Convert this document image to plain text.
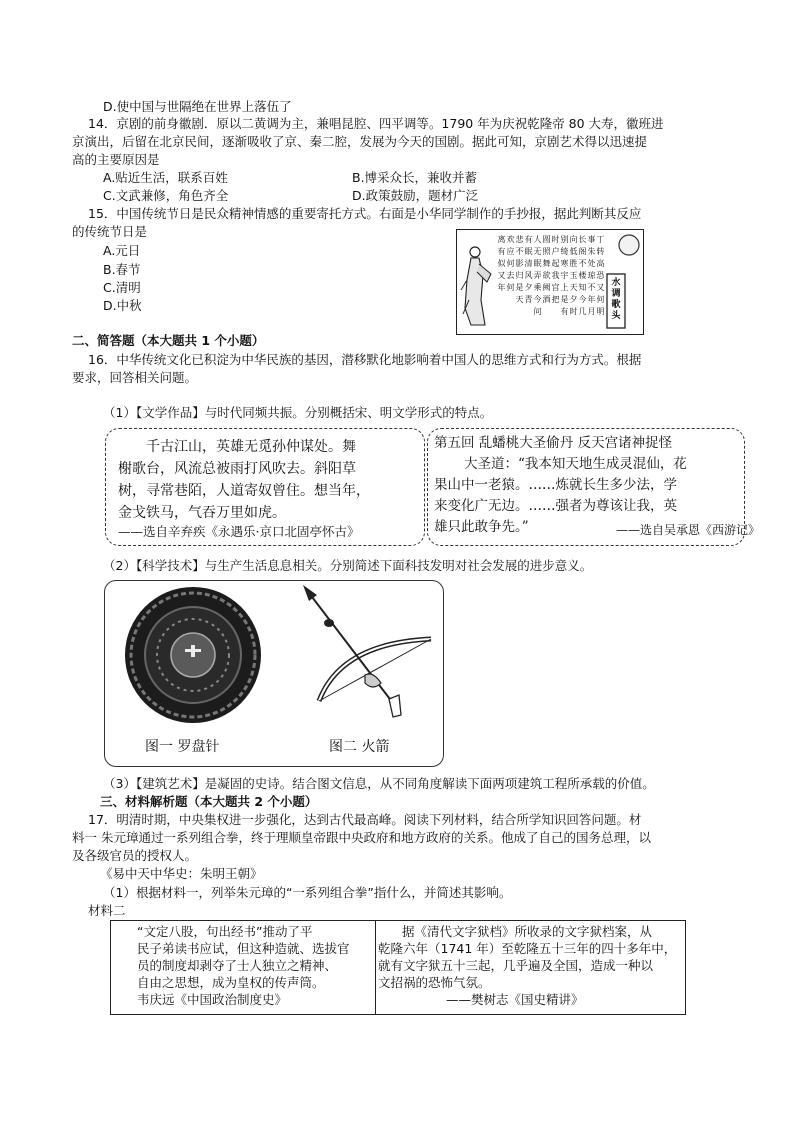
D.使中国与世隔绝在世界上落伍了
14．京剧的前身徽剧．原以二黄调为主，兼唱昆腔、四平调等。1790 年为庆祝乾隆帝 80 大寿，徽班进
京演出，后留在北京民间，逐渐吸收了京、秦二腔，发展为今天的国剧。据此可知，京剧艺术得以迅速提
高的主要原因是
A.贴近生活，联系百姓	B.博采众长，兼收并蓄
C.文武兼修，角色齐全	D.政策鼓励，题材广泛
15．中国传统节日是民众精神情感的重要寄托方式。右面是小华同学制作的手抄报，据此判断其反应
的传统节日是
A.元日
B.春节
C.清明
D.中秋
丁转高恐又何明
事朱处琼不年月
长阁不楼知今几
向低胜玉天夕时
别绮寒宇上是有
时户起我宫把
圆照舞欲阙酒
人无眠弄乘今问
有眠清风夕青
悲不影归是天
欢应何去何
离有似又年	水调歌头
二、简答题（本大题共 1 个小题）
16．中华传统文化已积淀为中华民族的基因，潜移默化地影响着中国人的思维方式和行为方式。根据
要求，回答相关问题。
（1）【文学作品】与时代同频共振。分别概括宋、明文学形式的特点。
千古江山，英雄无觅孙仲谋处。舞
榭歌台，风流总被雨打风吹去。斜阳草
树，寻常巷陌，人道寄奴曾住。想当年，
金戈铁马，气吞万里如虎。
——选自辛弃疾《永遇乐·京口北固亭怀古》
第五回 乱蟠桃大圣偷丹 反天宫诸神捉怪
大圣道：“我本知天地生成灵混仙，花
果山中一老猿。……炼就长生多少法，学
来变化广无边。……强者为尊该让我，英
雄只此敢争先。”	——选自吴承恩《西游记》
（2）【科学技术】与生产生活息息相关。分别简述下面科技发明对社会发展的进步意义。
图一 罗盘针	图二 火箭
（3）【建筑艺术】是凝固的史诗。结合图文信息，从不同角度解读下面两项建筑工程所承载的价值。
三、材料解析题（本大题共 2 个小题）
17．明清时期，中央集权进一步强化，达到古代最高峰。阅读下列材料，结合所学知识回答问题。材
料一 朱元璋通过一系列组合拳，终于理顺皇帝跟中央政府和地方政府的关系。他成了自己的国务总理，以
及各级官员的授权人。
《易中天中华史：朱明王朝》
（1）根据材料一，列举朱元璋的“一系列组合拳”指什么，并简述其影响。
材料二
“文定八股，句出经书”推动了平
民子弟读书应试，但这种造就、选拔官
员的制度却剥夺了士人独立之精神、
自由之思想，成为皇权的传声筒。
韦庆远《中国政治制度史》
据《清代文字狱档》所收录的文字狱档案，从
乾隆六年（1741 年）至乾隆五十三年的四十多年中，
就有文字狱五十三起，几乎遍及全国，造成一种以
文招祸的恐怖气氛。
——樊树志《国史精讲》
